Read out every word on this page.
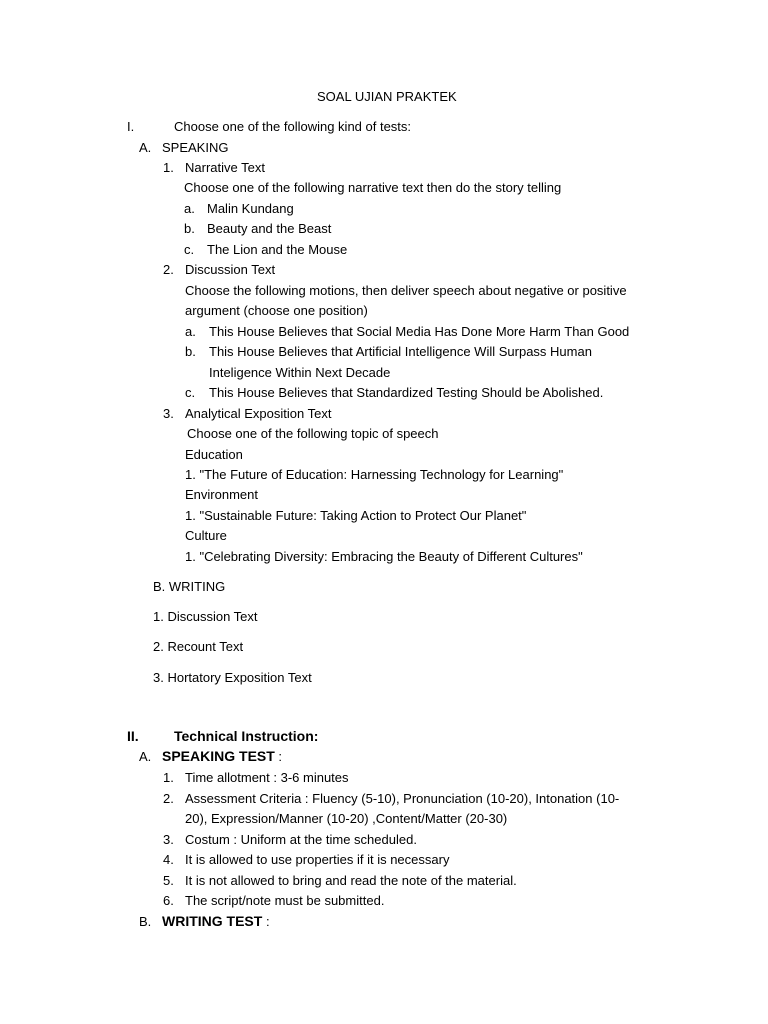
SOAL UJIAN PRAKTEK
I.	Choose one of the following kind of tests:
A. SPEAKING
1. Narrative Text
Choose one of the following narrative text then do the story telling
a. Malin Kundang
b. Beauty and the Beast
c. The Lion and the Mouse
2. Discussion Text
Choose the following motions, then deliver speech about negative or positive
argument (choose one position)
a. This House Believes that Social Media Has Done More Harm Than Good
b. This House Believes that Artificial Intelligence Will Surpass Human
Inteligence Within Next Decade
c. This House Believes that Standardized Testing Should be Abolished.
3. Analytical Exposition Text
Choose one of the following topic of speech
Education
1. "The Future of Education: Harnessing Technology for Learning"
Environment
1. "Sustainable Future: Taking Action to Protect Our Planet"
Culture
1. "Celebrating Diversity: Embracing the Beauty of Different Cultures"
B. WRITING
1. Discussion Text
2. Recount Text
3. Hortatory Exposition Text
II.	Technical Instruction:
A. SPEAKING TEST :
1. Time allotment : 3-6 minutes
2. Assessment Criteria : Fluency (5-10), Pronunciation (10-20), Intonation (10-
20), Expression/Manner (10-20) ,Content/Matter (20-30)
3. Costum : Uniform at the time scheduled.
4. It is allowed to use properties if it is necessary
5. It is not allowed to bring and read the note of the material.
6. The script/note must be submitted.
B. WRITING TEST :
